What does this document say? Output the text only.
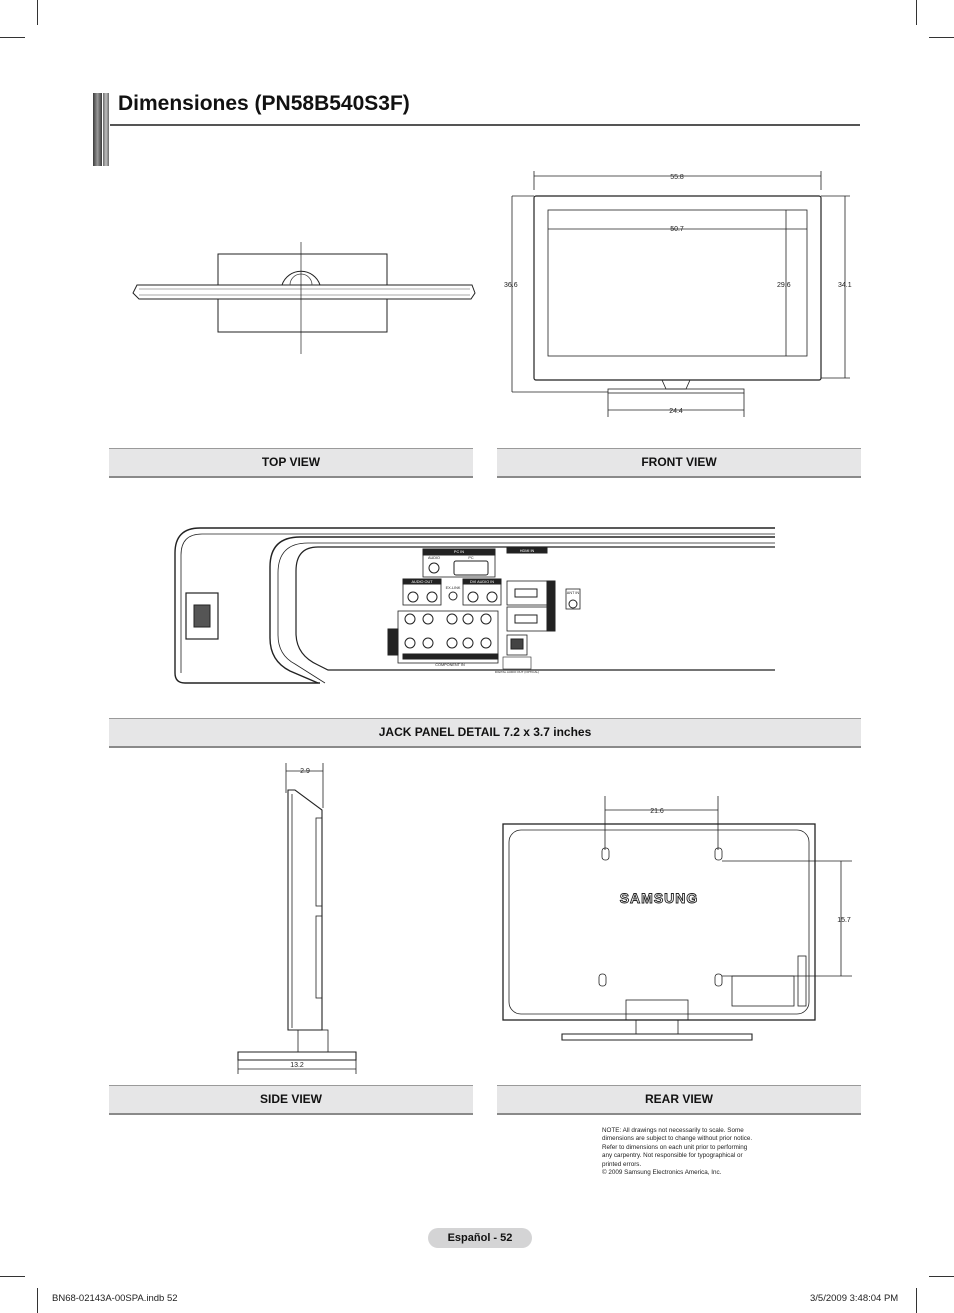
Dimensiones (PN58B540S3F)
55.8
50.7
36.6	29.6	34.1
24.4
TOP VIEW	FRONT VIEW
PC IN	HDMI IN
AUDIO	PC
AUDIO OUT	DVI AUDIO IN
EX-LINK
ANT IN
COMPONENT IN
DIGITAL AUDIO OUT (OPTICAL)
JACK PANEL DETAIL 7.2 x 3.7 inches
2.9
13.2
21.6
15.7
SAMSUNG
SIDE VIEW	REAR VIEW
NOTE: All drawings not necessarily to scale. Some
dimensions are subject to change without prior notice.
Refer to dimensions on each unit prior to performing
any carpentry. Not responsible for typographical or
printed errors.
© 2009 Samsung Electronics America, Inc.
Español - 52
BN68-02143A-00SPA.indb 52	3/5/2009 3:48:04 PM
